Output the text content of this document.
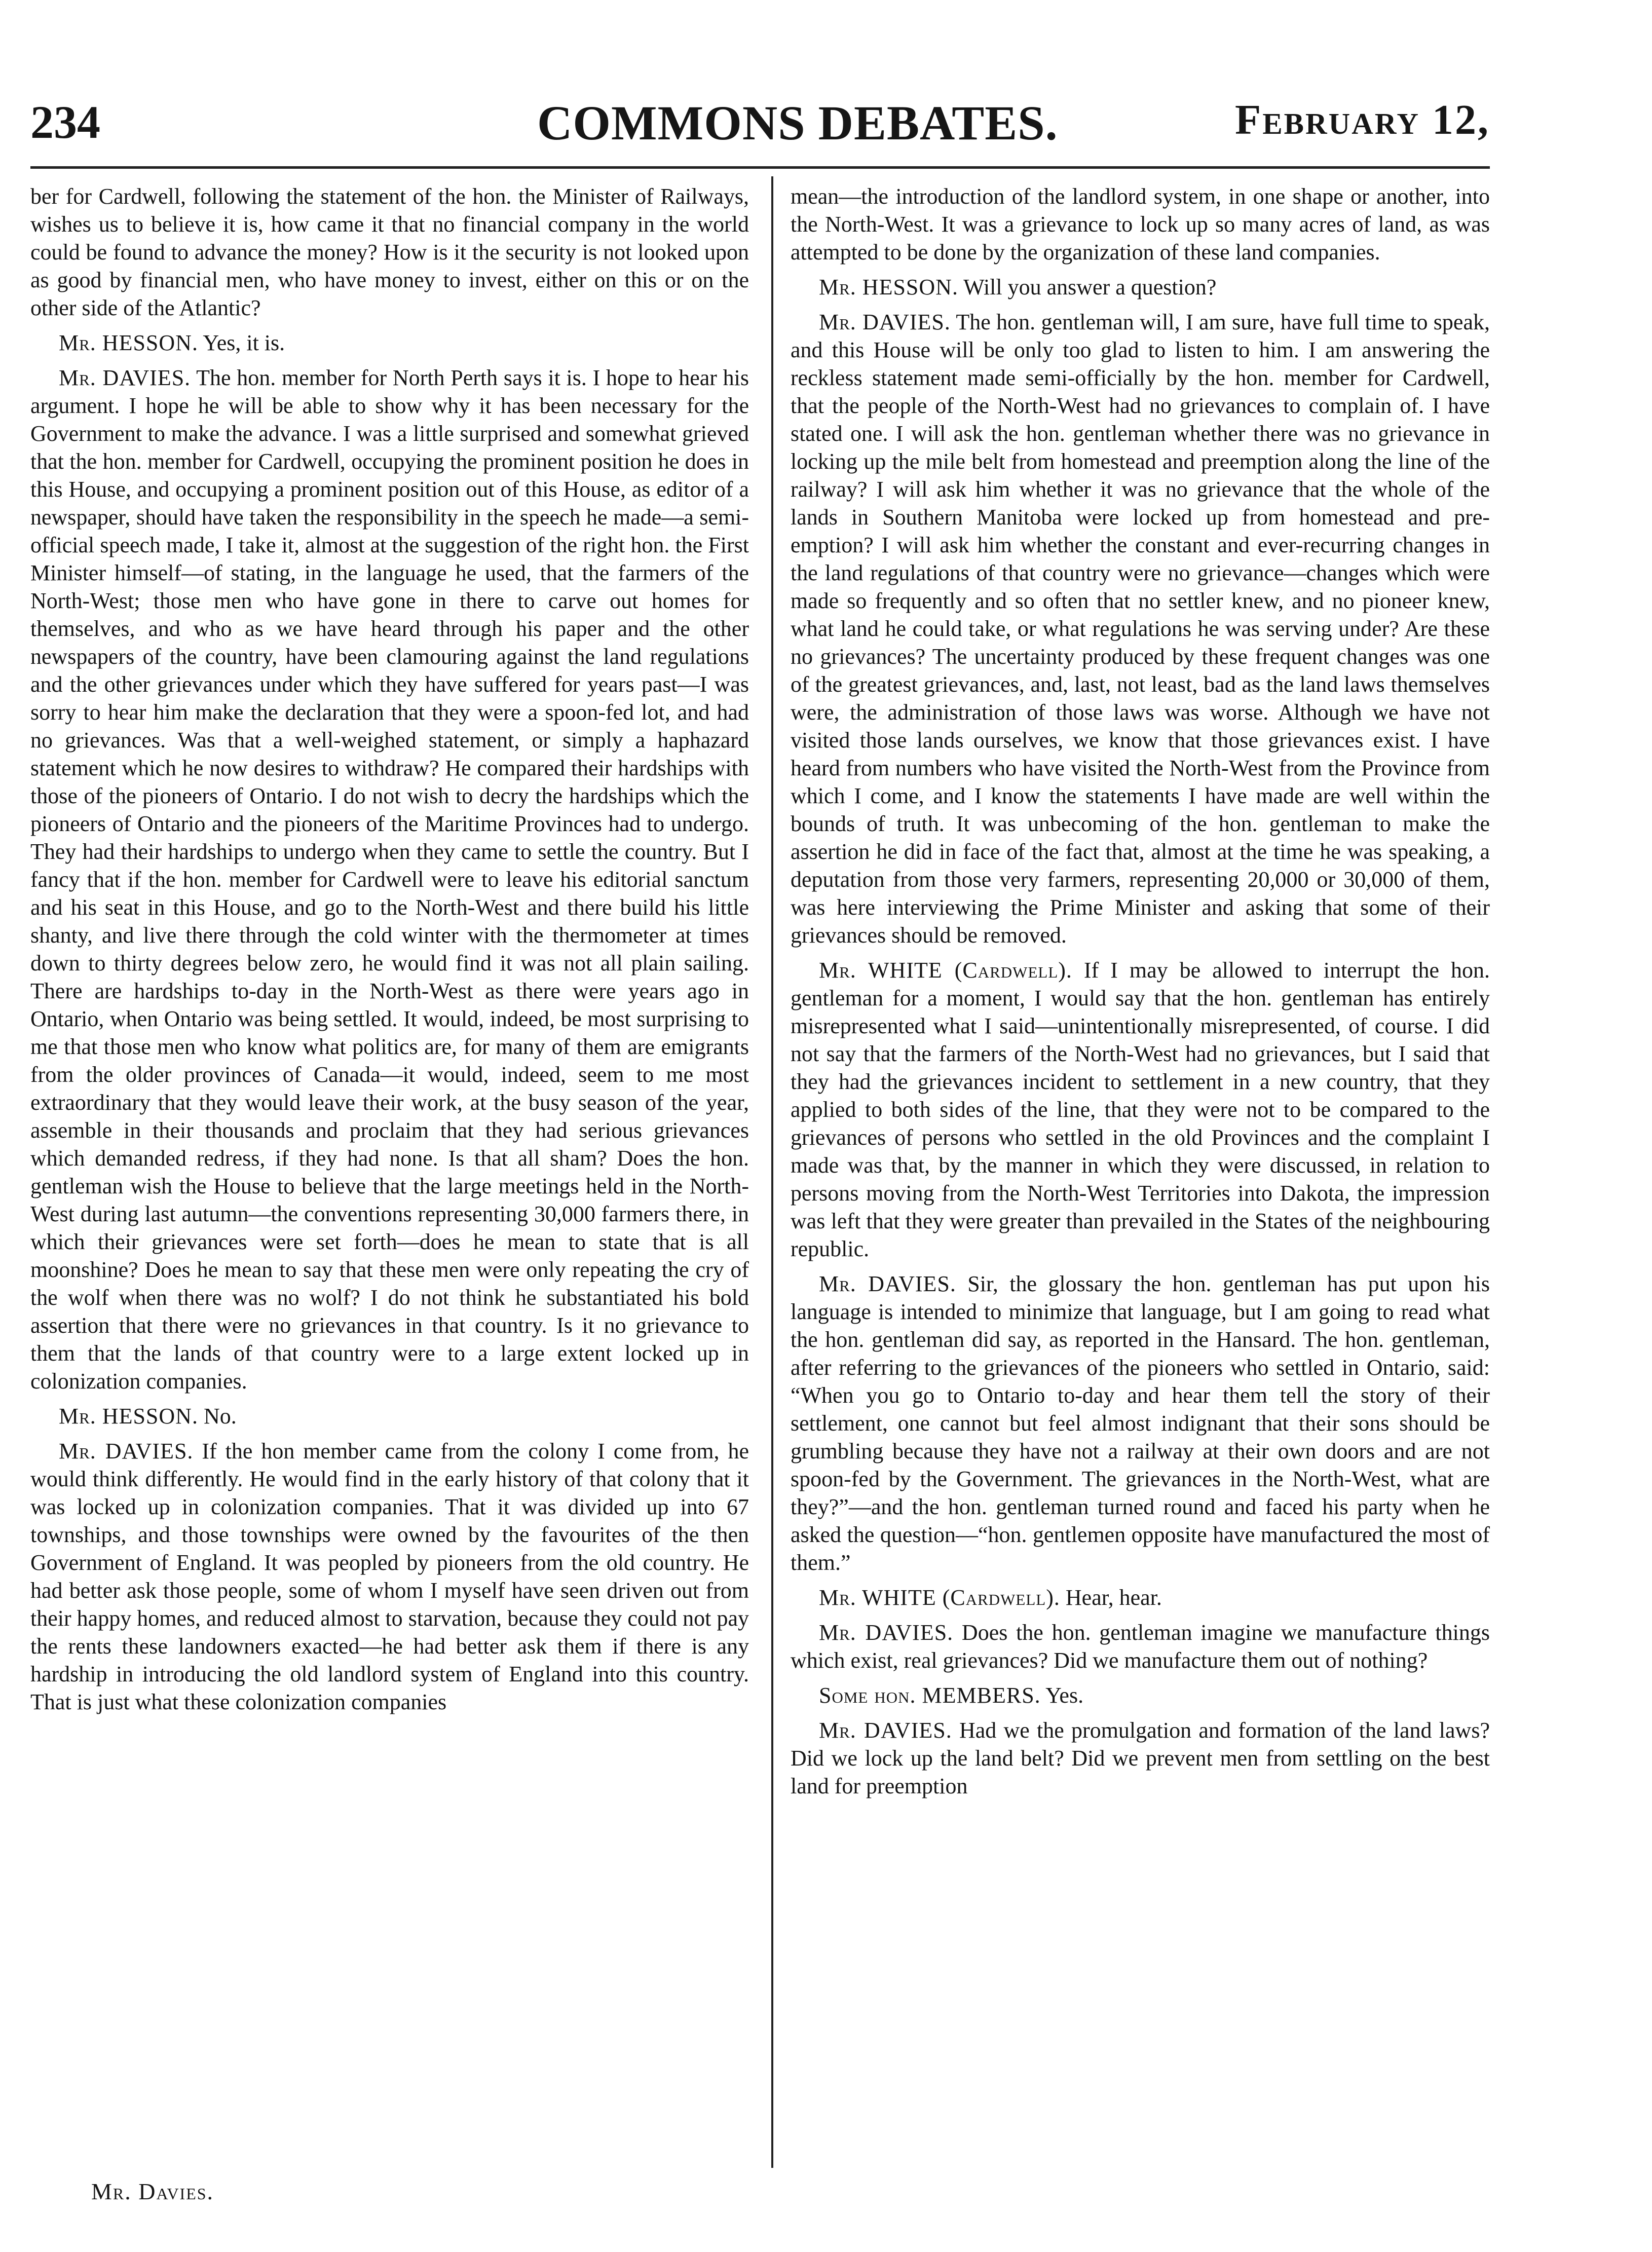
234	COMMONS DEBATES.	February 12,

ber for Cardwell, following the statement of the hon. the Minister of Railways, wishes us to believe it is, how came it that no financial company in the world could be found to advance the money? How is it the security is not looked upon as good by financial men, who have money to invest, either on this or on the other side of the Atlantic?

Mr. HESSON. Yes, it is.

Mr. DAVIES. The hon. member for North Perth says it is. I hope to hear his argument. I hope he will be able to show why it has been necessary for the Government to make the advance. I was a little surprised and somewhat grieved that the hon. member for Cardwell, occupying the prominent position he does in this House, and occupying a prominent position out of this House, as editor of a newspaper, should have taken the responsibility in the speech he made—a semi-official speech made, I take it, almost at the suggestion of the right hon. the First Minister himself—of stating, in the language he used, that the farmers of the North-West; those men who have gone in there to carve out homes for themselves, and who as we have heard through his paper and the other newspapers of the country, have been clamouring against the land regulations and the other grievances under which they have suffered for years past—I was sorry to hear him make the declaration that they were a spoon-fed lot, and had no grievances. Was that a well-weighed statement, or simply a haphazard statement which he now desires to withdraw? He compared their hardships with those of the pioneers of Ontario. I do not wish to decry the hardships which the pioneers of Ontario and the pioneers of the Maritime Provinces had to undergo. They had their hardships to undergo when they came to settle the country. But I fancy that if the hon. member for Cardwell were to leave his editorial sanctum and his seat in this House, and go to the North-West and there build his little shanty, and live there through the cold winter with the thermometer at times down to thirty degrees below zero, he would find it was not all plain sailing. There are hardships to-day in the North-West as there were years ago in Ontario, when Ontario was being settled. It would, indeed, be most surprising to me that those men who know what politics are, for many of them are emigrants from the older provinces of Canada—it would, indeed, seem to me most extraordinary that they would leave their work, at the busy season of the year, assemble in their thousands and proclaim that they had serious grievances which demanded redress, if they had none. Is that all sham? Does the hon. gentleman wish the House to believe that the large meetings held in the North-West during last autumn—the conventions representing 30,000 farmers there, in which their grievances were set forth—does he mean to state that is all moonshine? Does he mean to say that these men were only repeating the cry of the wolf when there was no wolf? I do not think he substantiated his bold assertion that there were no grievances in that country. Is it no grievance to them that the lands of that country were to a large extent locked up in colonization companies.

Mr. HESSON. No.

Mr. DAVIES. If the hon member came from the colony I come from, he would think differently. He would find in the early history of that colony that it was locked up in colonization companies. That it was divided up into 67 townships, and those townships were owned by the favourites of the then Government of England. It was peopled by pioneers from the old country. He had better ask those people, some of whom I myself have seen driven out from their happy homes, and reduced almost to starvation, because they could not pay the rents these landowners exacted—he had better ask them if there is any hardship in introducing the old landlord system of England into this country. That is just what these colonization companies

mean—the introduction of the landlord system, in one shape or another, into the North-West. It was a grievance to lock up so many acres of land, as was attempted to be done by the organization of these land companies.

Mr. HESSON. Will you answer a question?

Mr. DAVIES. The hon. gentleman will, I am sure, have full time to speak, and this House will be only too glad to listen to him. I am answering the reckless statement made semi-officially by the hon. member for Cardwell, that the people of the North-West had no grievances to complain of. I have stated one. I will ask the hon. gentleman whether there was no grievance in locking up the mile belt from homestead and preemption along the line of the railway? I will ask him whether it was no grievance that the whole of the lands in Southern Manitoba were locked up from homestead and pre-emption? I will ask him whether the constant and ever-recurring changes in the land regulations of that country were no grievance—changes which were made so frequently and so often that no settler knew, and no pioneer knew, what land he could take, or what regulations he was serving under? Are these no grievances? The uncertainty produced by these frequent changes was one of the greatest grievances, and, last, not least, bad as the land laws themselves were, the administration of those laws was worse. Although we have not visited those lands ourselves, we know that those grievances exist. I have heard from numbers who have visited the North-West from the Province from which I come, and I know the statements I have made are well within the bounds of truth. It was unbecoming of the hon. gentleman to make the assertion he did in face of the fact that, almost at the time he was speaking, a deputation from those very farmers, representing 20,000 or 30,000 of them, was here interviewing the Prime Minister and asking that some of their grievances should be removed.

Mr. WHITE (Cardwell). If I may be allowed to interrupt the hon. gentleman for a moment, I would say that the hon. gentleman has entirely misrepresented what I said—unintentionally misrepresented, of course. I did not say that the farmers of the North-West had no grievances, but I said that they had the grievances incident to settlement in a new country, that they applied to both sides of the line, that they were not to be compared to the grievances of persons who settled in the old Provinces and the complaint I made was that, by the manner in which they were discussed, in relation to persons moving from the North-West Territories into Dakota, the impression was left that they were greater than prevailed in the States of the neighbouring republic.

Mr. DAVIES. Sir, the glossary the hon. gentleman has put upon his language is intended to minimize that language, but I am going to read what the hon. gentleman did say, as reported in the Hansard. The hon. gentleman, after referring to the grievances of the pioneers who settled in Ontario, said: “When you go to Ontario to-day and hear them tell the story of their settlement, one cannot but feel almost indignant that their sons should be grumbling because they have not a railway at their own doors and are not spoon-fed by the Government. The grievances in the North-West, what are they?”—and the hon. gentleman turned round and faced his party when he asked the question—“hon. gentlemen opposite have manufactured the most of them.”

Mr. WHITE (Cardwell). Hear, hear.

Mr. DAVIES. Does the hon. gentleman imagine we manufacture things which exist, real grievances? Did we manufacture them out of nothing?

Some hon. MEMBERS. Yes.

Mr. DAVIES. Had we the promulgation and formation of the land laws? Did we lock up the land belt? Did we prevent men from settling on the best land for preemption

Mr. Davies.
